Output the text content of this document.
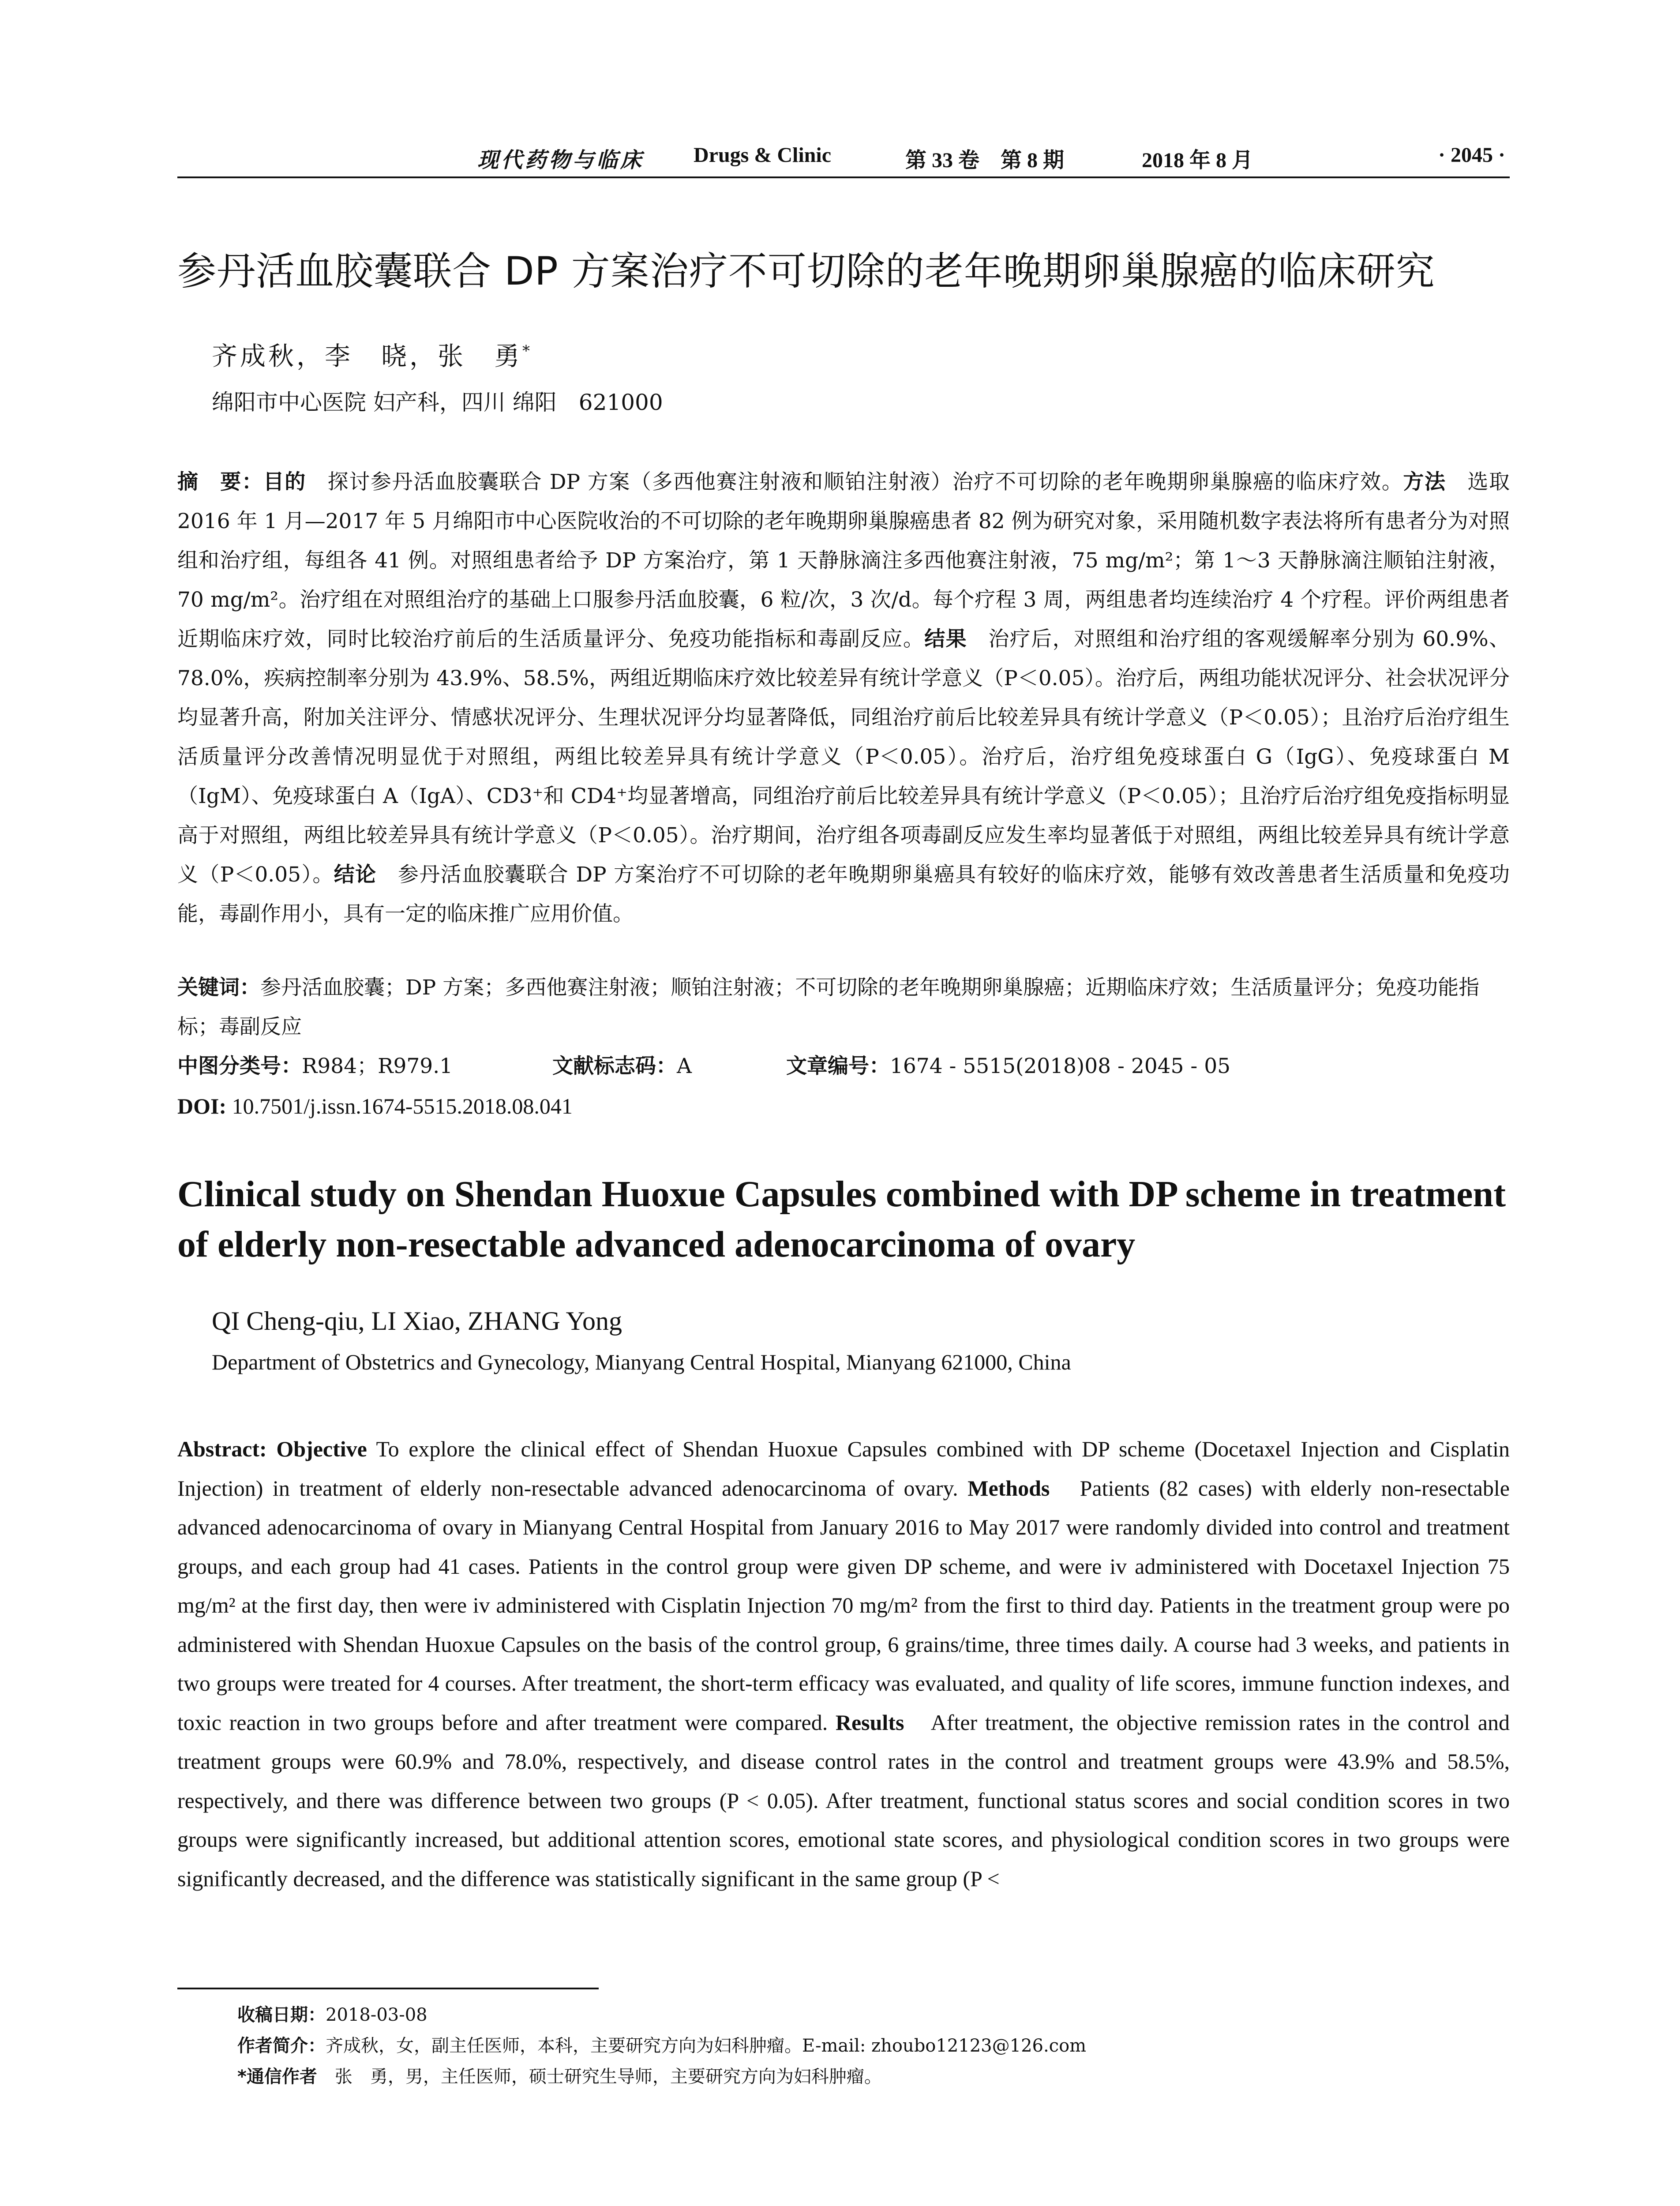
现代药物与临床 Drugs & Clinic	第 33 卷　第 8 期	2018 年 8 月	· 2045 ·
参丹活血胶囊联合 DP 方案治疗不可切除的老年晚期卵巢腺癌的临床研究
齐成秋，李　晓，张　勇*
绵阳市中心医院 妇产科，四川 绵阳　621000
摘　要：目的　探讨参丹活血胶囊联合 DP 方案（多西他赛注射液和顺铂注射液）治疗不可切除的老年晚期卵巢腺癌的临床疗效。方法　选取 2016 年 1 月—2017 年 5 月绵阳市中心医院收治的不可切除的老年晚期卵巢腺癌患者 82 例为研究对象，采用随机数字表法将所有患者分为对照组和治疗组，每组各 41 例。对照组患者给予 DP 方案治疗，第 1 天静脉滴注多西他赛注射液，75 mg/m²；第 1～3 天静脉滴注顺铂注射液，70 mg/m²。治疗组在对照组治疗的基础上口服参丹活血胶囊，6 粒/次，3 次/d。每个疗程 3 周，两组患者均连续治疗 4 个疗程。评价两组患者近期临床疗效，同时比较治疗前后的生活质量评分、免疫功能指标和毒副反应。结果　治疗后，对照组和治疗组的客观缓解率分别为 60.9%、78.0%，疾病控制率分别为 43.9%、58.5%，两组近期临床疗效比较差异有统计学意义（P＜0.05）。治疗后，两组功能状况评分、社会状况评分均显著升高，附加关注评分、情感状况评分、生理状况评分均显著降低，同组治疗前后比较差异具有统计学意义（P＜0.05）；且治疗后治疗组生活质量评分改善情况明显优于对照组，两组比较差异具有统计学意义（P＜0.05）。治疗后，治疗组免疫球蛋白 G（IgG）、免疫球蛋白 M（IgM）、免疫球蛋白 A（IgA）、CD3⁺和 CD4⁺均显著增高，同组治疗前后比较差异具有统计学意义（P＜0.05）；且治疗后治疗组免疫指标明显高于对照组，两组比较差异具有统计学意义（P＜0.05）。治疗期间，治疗组各项毒副反应发生率均显著低于对照组，两组比较差异具有统计学意义（P＜0.05）。结论　参丹活血胶囊联合 DP 方案治疗不可切除的老年晚期卵巢癌具有较好的临床疗效，能够有效改善患者生活质量和免疫功能，毒副作用小，具有一定的临床推广应用价值。
关键词：参丹活血胶囊；DP 方案；多西他赛注射液；顺铂注射液；不可切除的老年晚期卵巢腺癌；近期临床疗效；生活质量评分；免疫功能指标；毒副反应
中图分类号：R984；R979.1	文献标志码：A	文章编号：1674 - 5515(2018)08 - 2045 - 05
DOI: 10.7501/j.issn.1674-5515.2018.08.041
Clinical study on Shendan Huoxue Capsules combined with DP scheme in treatment of elderly non-resectable advanced adenocarcinoma of ovary
QI Cheng-qiu, LI Xiao, ZHANG Yong
Department of Obstetrics and Gynecology, Mianyang Central Hospital, Mianyang 621000, China
Abstract: Objective To explore the clinical effect of Shendan Huoxue Capsules combined with DP scheme (Docetaxel Injection and Cisplatin Injection) in treatment of elderly non-resectable advanced adenocarcinoma of ovary. Methods　Patients (82 cases) with elderly non-resectable advanced adenocarcinoma of ovary in Mianyang Central Hospital from January 2016 to May 2017 were randomly divided into control and treatment groups, and each group had 41 cases. Patients in the control group were given DP scheme, and were iv administered with Docetaxel Injection 75 mg/m² at the first day, then were iv administered with Cisplatin Injection 70 mg/m² from the first to third day. Patients in the treatment group were po administered with Shendan Huoxue Capsules on the basis of the control group, 6 grains/time, three times daily. A course had 3 weeks, and patients in two groups were treated for 4 courses. After treatment, the short-term efficacy was evaluated, and quality of life scores, immune function indexes, and toxic reaction in two groups before and after treatment were compared. Results　After treatment, the objective remission rates in the control and treatment groups were 60.9% and 78.0%, respectively, and disease control rates in the control and treatment groups were 43.9% and 58.5%, respectively, and there was difference between two groups (P < 0.05). After treatment, functional status scores and social condition scores in two groups were significantly increased, but additional attention scores, emotional state scores, and physiological condition scores in two groups were significantly decreased, and the difference was statistically significant in the same group (P <
收稿日期：2018-03-08
作者简介：齐成秋，女，副主任医师，本科，主要研究方向为妇科肿瘤。E-mail: zhoubo12123@126.com
*通信作者　张　勇，男，主任医师，硕士研究生导师，主要研究方向为妇科肿瘤。
